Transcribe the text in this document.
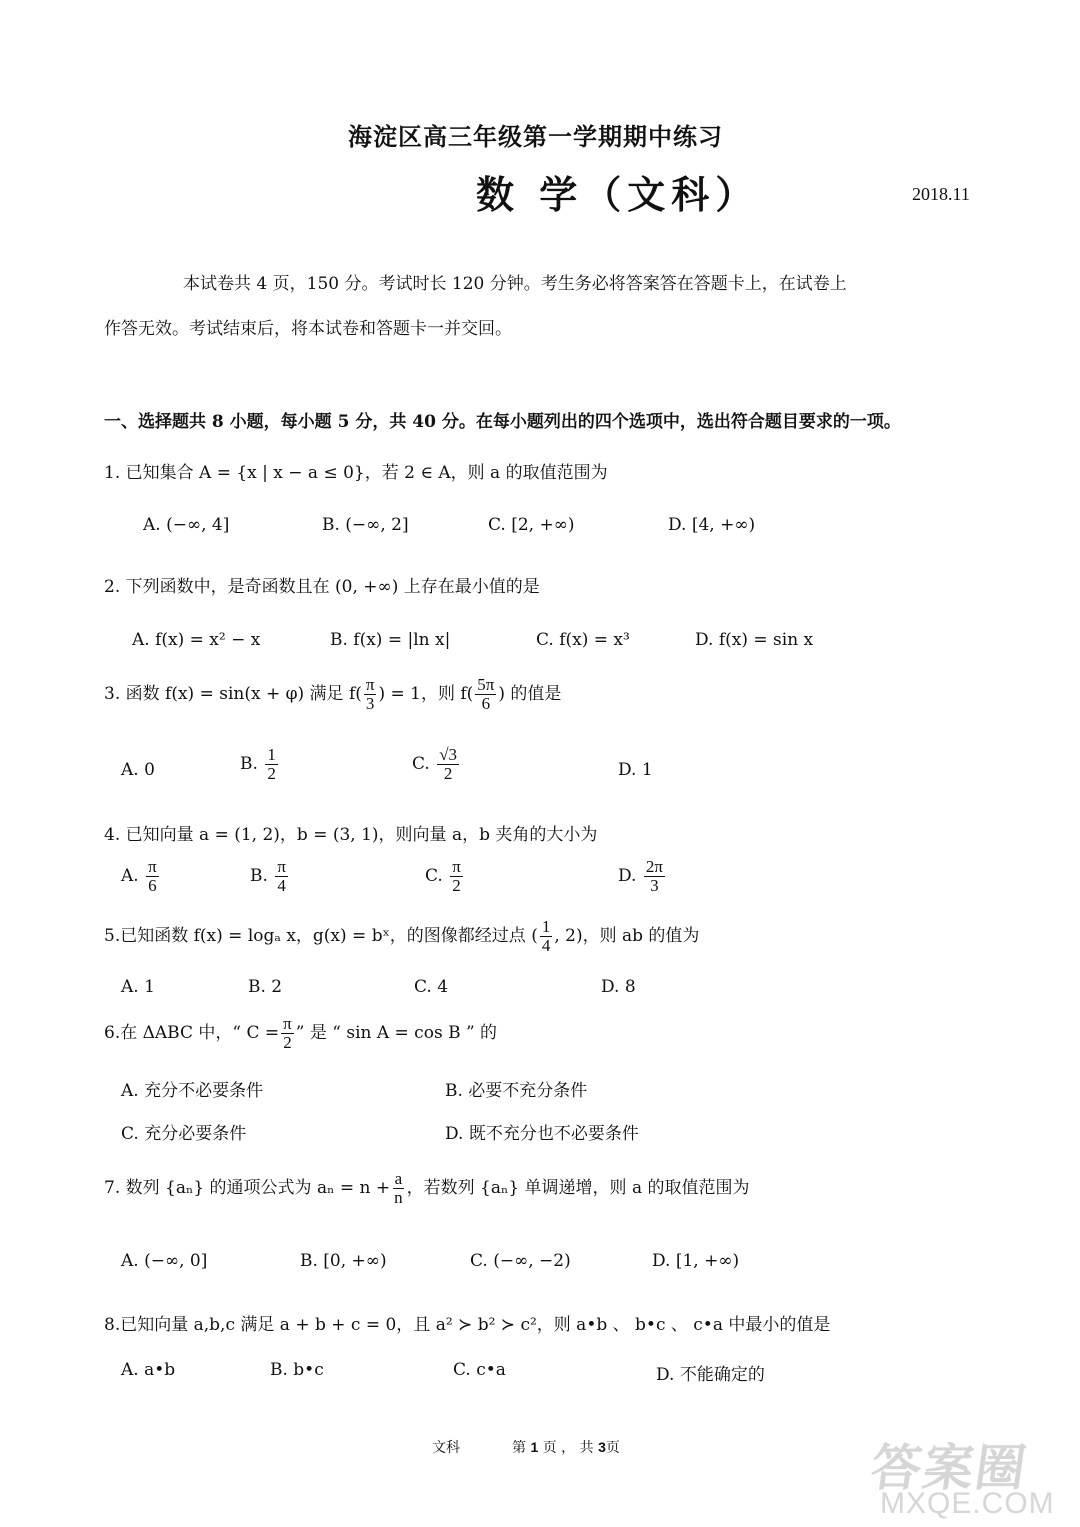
海淀区高三年级第一学期期中练习
数 学（文科）	2018.11
本试卷共 4 页，150 分。考试时长 120 分钟。考生务必将答案答在答题卡上，在试卷上
作答无效。考试结束后，将本试卷和答题卡一并交回。
一、选择题共 8 小题，每小题 5 分，共 40 分。在每小题列出的四个选项中，选出符合题目要求的一项。
1. 已知集合 A = {x | x − a ≤ 0}，若 2 ∈ A，则 a 的取值范围为
A. (−∞, 4]	B. (−∞, 2]	C. [2, +∞)	D. [4, +∞)
2. 下列函数中，是奇函数且在 (0, +∞) 上存在最小值的是
A. f(x) = x² − x	B. f(x) = |ln x|	C. f(x) = x³	D. f(x) = sin x
3. 函数 f(x) = sin(x + φ) 满足 $f( \frac{\pi}{3}$ ) = 1，则 $f( \frac{5\pi}{6}$ ) 的值是
A. 0	B. $\frac{1}{2}$	C. $\frac{√3}{2}$	D. 1
4. 已知向量 a = (1, 2)，b = (3, 1)，则向量 a，b 夹角的大小为
A. $\frac{\pi}{6}$	B. $\frac{\pi}{4}$	C. $\frac{\pi}{2}$	D. $\frac{2\pi}{3}$
5.已知函数 f(x) = logₐ x，g(x) = bˣ，的图像都经过点 ( $\frac{1}{4}$ , 2)，则 ab 的值为
A. 1	B. 2	C. 4	D. 8
6.在 ΔABC 中，“ $C = \frac{\pi}{2}$ ” 是 “ sin A = cos B ” 的
A. 充分不必要条件	B. 必要不充分条件
C. 充分必要条件	D. 既不充分也不必要条件
7. 数列 {aₙ} 的通项公式为 $a_n = n + \frac{a}{n}$ ，若数列 {aₙ} 单调递增，则 a 的取值范围为
A. (−∞, 0]	B. [0, +∞)	C. (−∞, −2)	D. [1, +∞)
8.已知向量 a,b,c 满足 a + b + c = 0，且 a² ≻ b² ≻ c²，则 a•b 、 b•c 、 c•a 中最小的值是
A. a•b	B. b•c	C. c•a	D. 不能确定的
文科	第 1 页 ， 共 3页	答案圈
MXQE.COM
